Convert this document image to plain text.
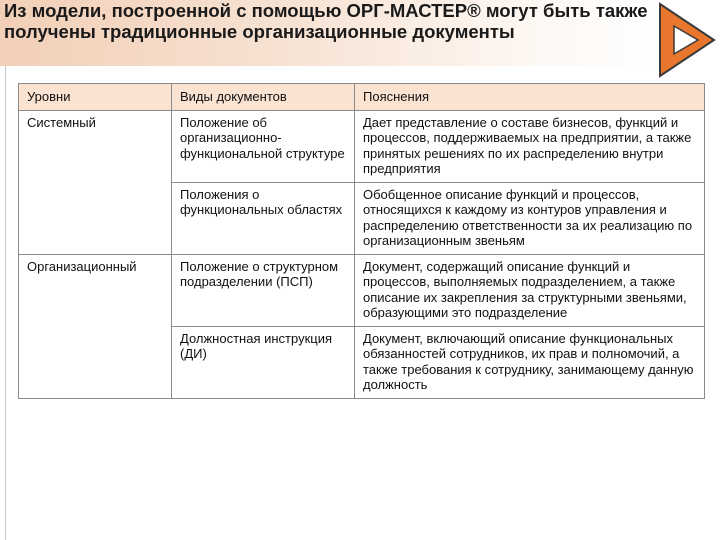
Из модели, построенной с помощью ОРГ-МАСТЕР® могут быть также получены традиционные организационные документы
Уровни	Виды документов	Пояснения
Системный	Положение об организационно-функциональной структуре	Дает представление о составе бизнесов, функций и процессов, поддерживаемых на предприятии, а также принятых решениях по их распределению внутри предприятия
	Положения о функциональных областях	Обобщенное описание функций и процессов, относящихся к каждому из контуров управления и распределению ответственности за их реализацию по организационным звеньям
Организационный	Положение о структурном подразделении (ПСП)	Документ, содержащий описание функций и процессов, выполняемых подразделением, а также описание их закрепления за структурными звеньями, образующими это подразделение
	Должностная инструкция (ДИ)	Документ, включающий описание функциональных обязанностей сотрудников, их прав и полномочий, а также требования к сотруднику, занимающему данную должность
